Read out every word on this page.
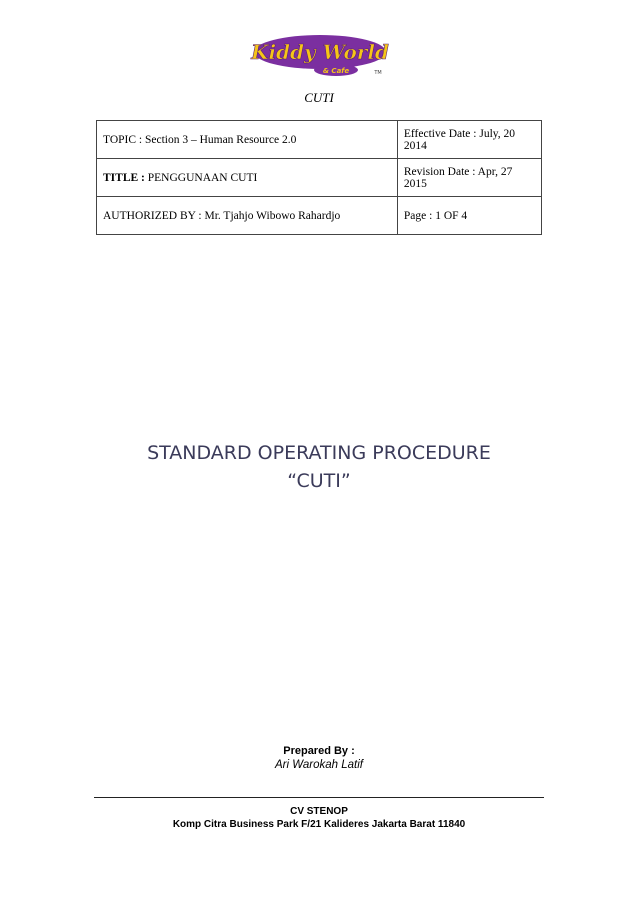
Kiddy World
& Cafe	TM
CUTI
TOPIC : Section 3 – Human Resource 2.0	Effective Date : July, 20 2014
TITLE : PENGGUNAAN CUTI	Revision Date : Apr, 27 2015
AUTHORIZED BY : Mr. Tjahjo Wibowo Rahardjo	Page : 1 OF 4
STANDARD OPERATING PROCEDURE
“CUTI”
Prepared By :
Ari Warokah Latif
CV STENOP
Komp Citra Business Park F/21 Kalideres Jakarta Barat 11840
